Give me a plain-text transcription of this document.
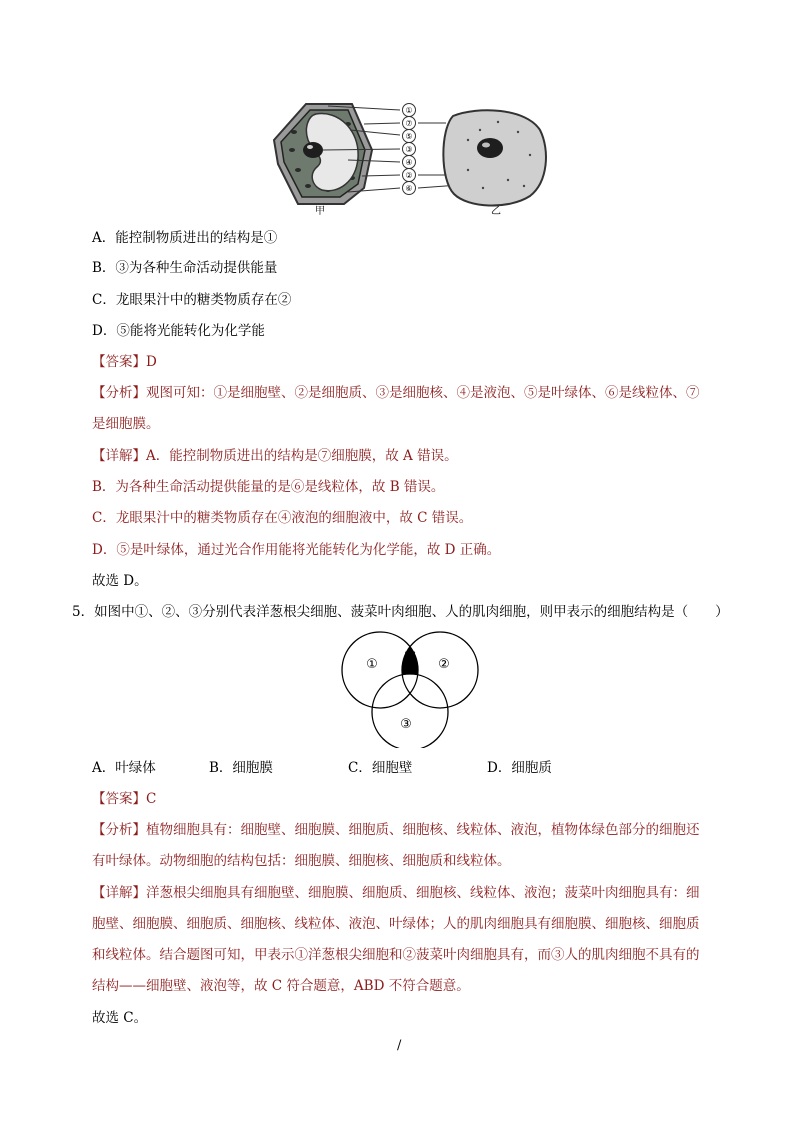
①
⑦
⑤
③
④
②
⑥
甲	乙
A．能控制物质进出的结构是①
B．③为各种生命活动提供能量
C．龙眼果汁中的糖类物质存在②
D．⑤能将光能转化为化学能
【答案】D
【分析】观图可知：①是细胞壁、②是细胞质、③是细胞核、④是液泡、⑤是叶绿体、⑥是线粒体、⑦
是细胞膜。
【详解】A．能控制物质进出的结构是⑦细胞膜，故 A 错误。
B．为各种生命活动提供能量的是⑥是线粒体，故 B 错误。
C．龙眼果汁中的糖类物质存在④液泡的细胞液中，故 C 错误。
D．⑤是叶绿体，通过光合作用能将光能转化为化学能，故 D 正确。
故选 D。
5．如图中①、②、③分别代表洋葱根尖细胞、菠菜叶肉细胞、人的肌肉细胞，则甲表示的细胞结构是（　　）
①	②
③
甲
A．叶绿体	B．细胞膜	C．细胞壁	D．细胞质
【答案】C
【分析】植物细胞具有：细胞壁、细胞膜、细胞质、细胞核、线粒体、液泡，植物体绿色部分的细胞还
有叶绿体。动物细胞的结构包括：细胞膜、细胞核、细胞质和线粒体。
【详解】洋葱根尖细胞具有细胞壁、细胞膜、细胞质、细胞核、线粒体、液泡；菠菜叶肉细胞具有：细
胞壁、细胞膜、细胞质、细胞核、线粒体、液泡、叶绿体；人的肌肉细胞具有细胞膜、细胞核、细胞质
和线粒体。结合题图可知，甲表示①洋葱根尖细胞和②菠菜叶肉细胞具有，而③人的肌肉细胞不具有的
结构——细胞壁、液泡等，故 C 符合题意，ABD 不符合题意。
故选 C。
/
